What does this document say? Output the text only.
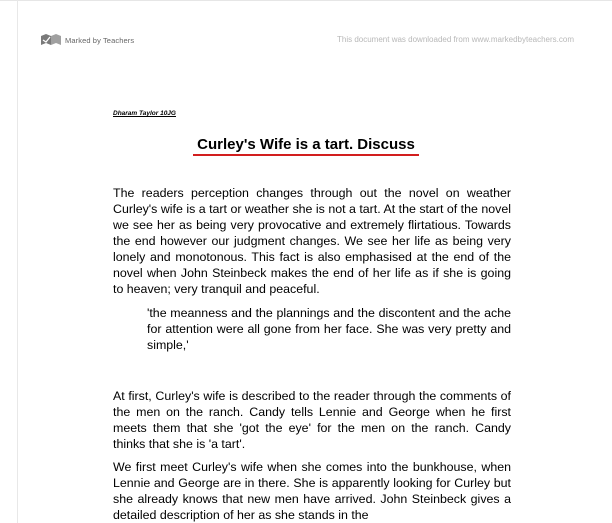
Marked by Teachers	This document was downloaded from www.markedbyteachers.com
Dharam Taylor 10JG
Curley's Wife is a tart. Discuss

The readers perception changes through out the novel on weather Curley's wife is a tart or weather she is not a tart. At the start of the novel we see her as being very provocative and extremely flirtatious. Towards the end however our judgment changes. We see her life as being very lonely and monotonous. This fact is also emphasised at the end of the novel when John Steinbeck makes the end of her life as if she is going to heaven; very tranquil and peaceful.

'the meanness and the plannings and the discontent and the ache for attention were all gone from her face. She was very pretty and simple,'

At first, Curley's wife is described to the reader through the comments of the men on the ranch. Candy tells Lennie and George when he first meets them that she 'got the eye' for the men on the ranch. Candy thinks that she is 'a tart'.

We first meet Curley's wife when she comes into the bunkhouse, when Lennie and George are in there. She is apparently looking for Curley but she already knows that new men have arrived. John Steinbeck gives a detailed description of her as she stands in the
